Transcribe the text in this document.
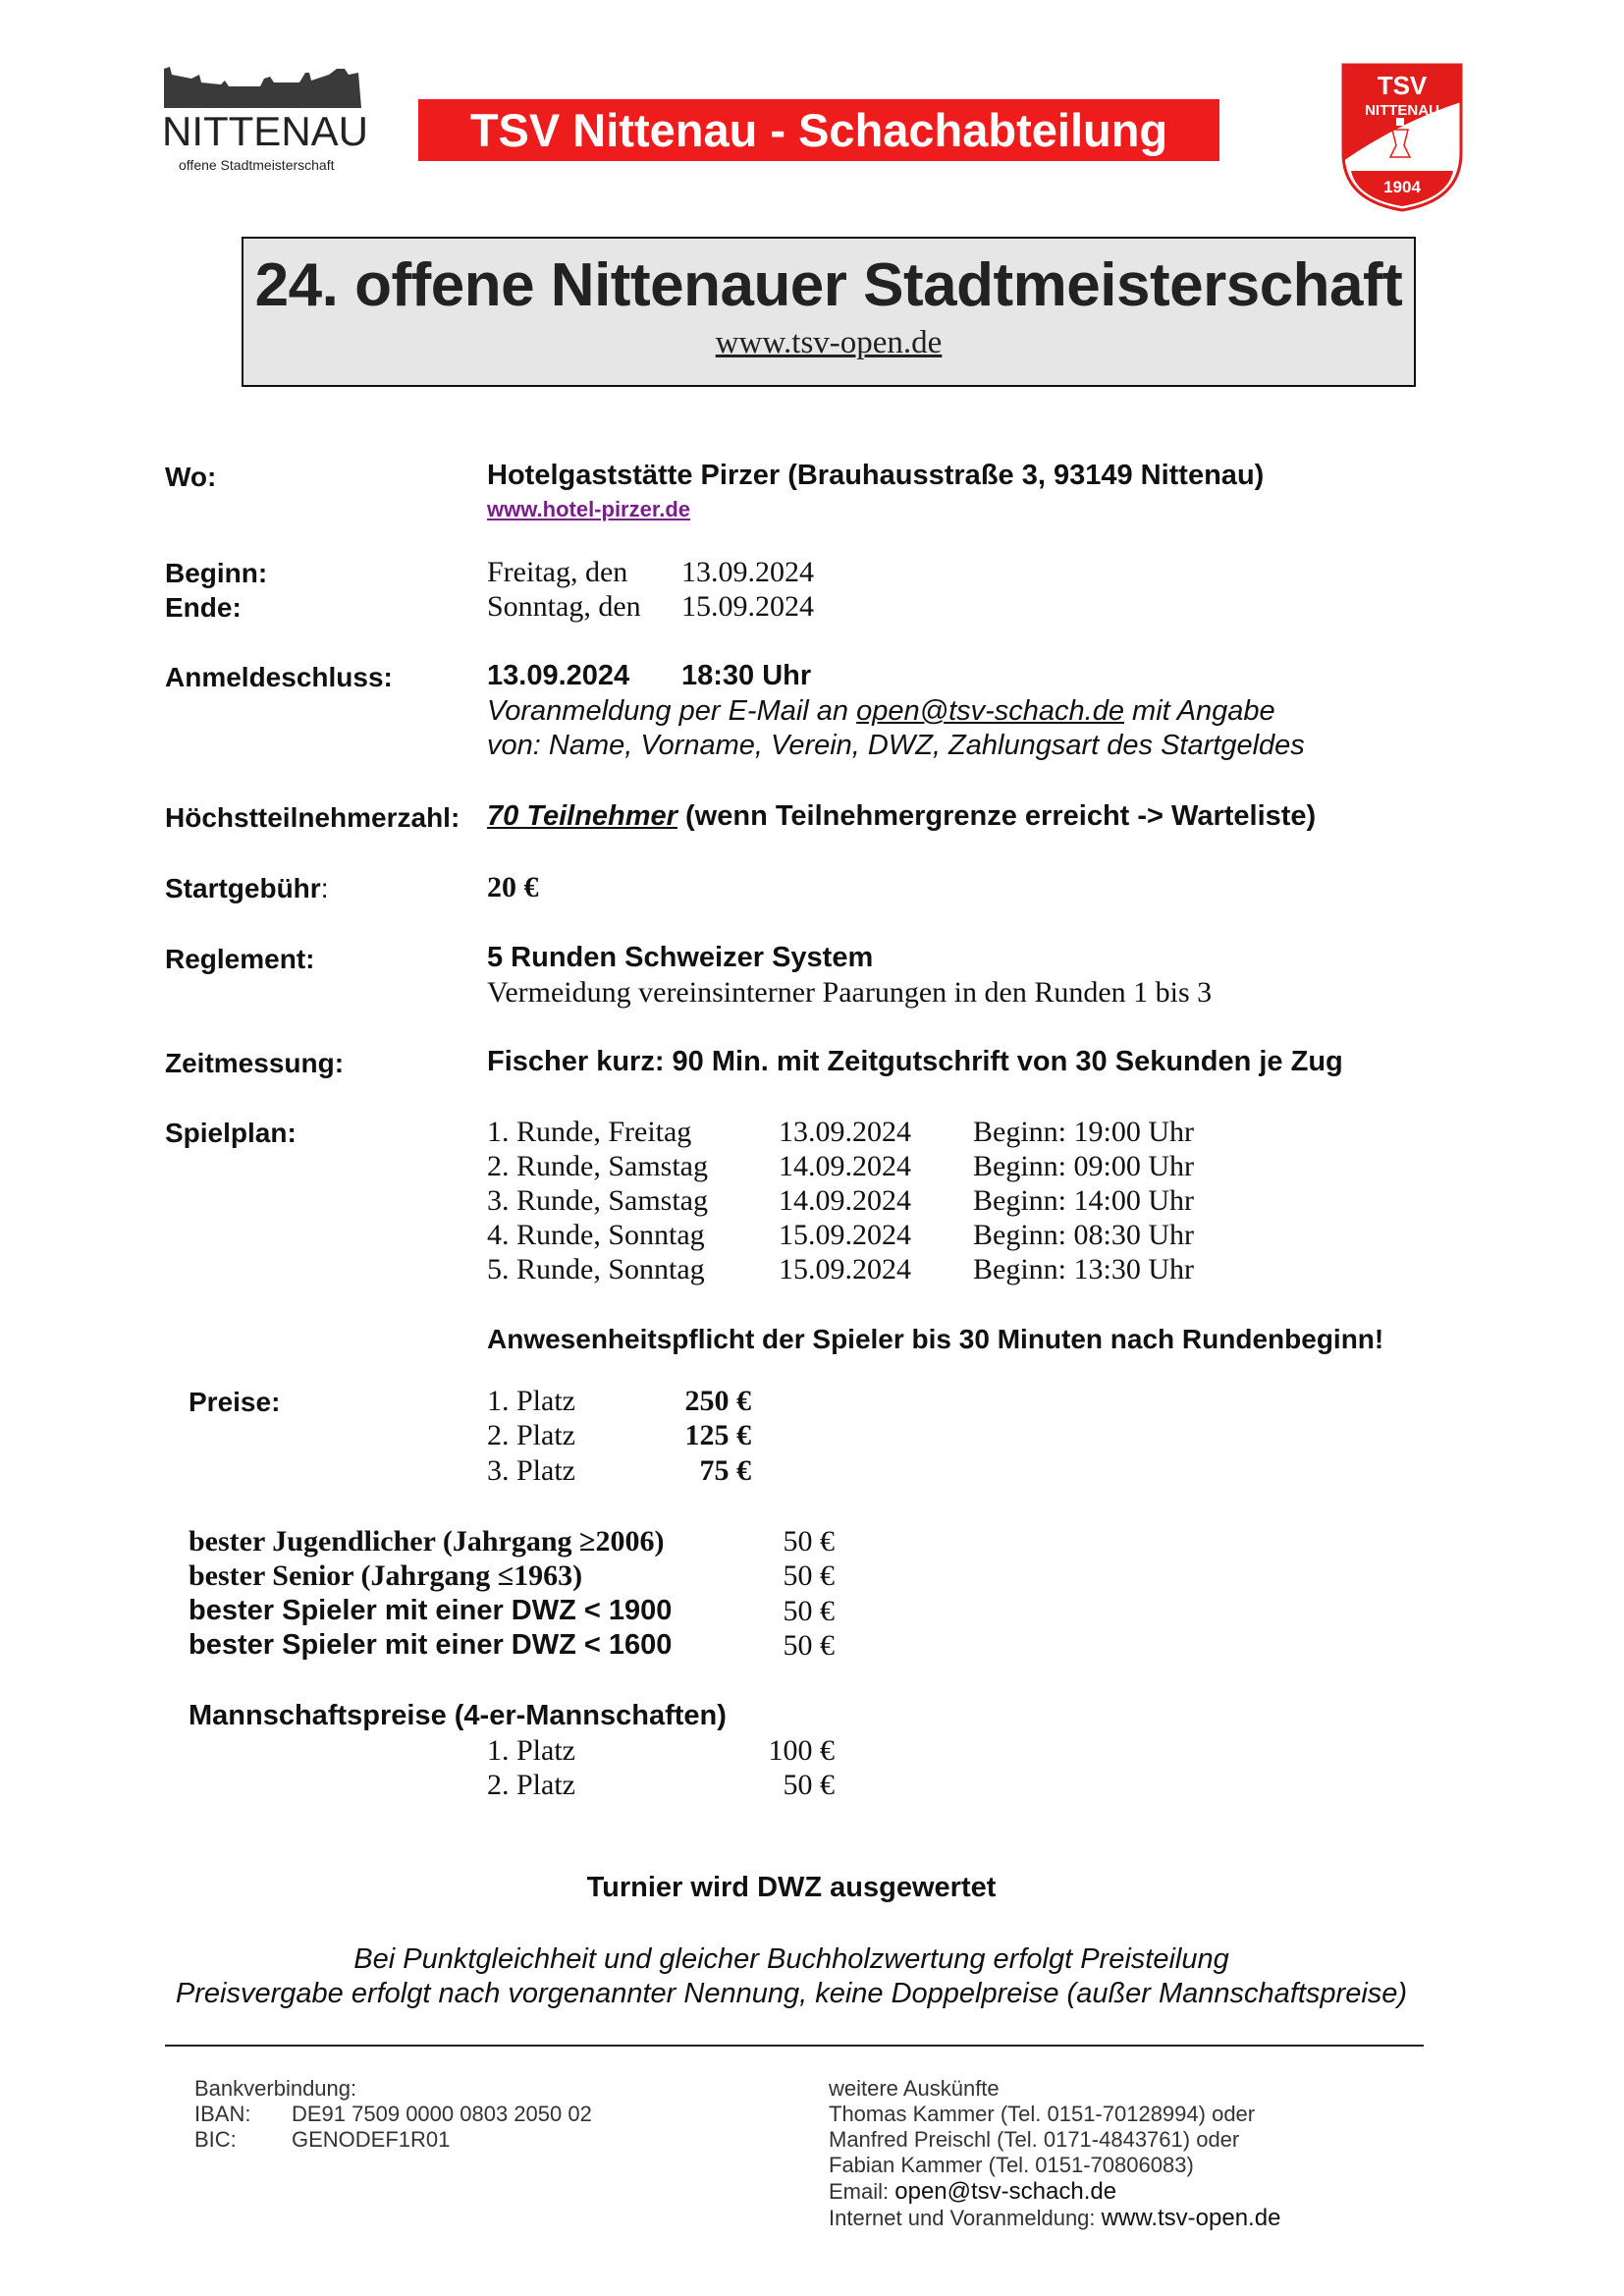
NITTENAU
offene Stadtmeisterschaft
TSV Nittenau - Schachabteilung
TSV
NITTENAU
1904
24. offene Nittenauer Stadtmeisterschaft
www.tsv-open.de
Wo:	Hotelgaststätte Pirzer (Brauhausstraße 3, 93149 Nittenau)
www.hotel-pirzer.de
Beginn:	Freitag, den 13.09.2024
Ende:	Sonntag, den 15.09.2024
Anmeldeschluss:	13.09.2024 18:30 Uhr
Voranmeldung per E-Mail an open@tsv-schach.de mit Angabe
von: Name, Vorname, Verein, DWZ, Zahlungsart des Startgeldes
Höchstteilnehmerzahl: 70 Teilnehmer (wenn Teilnehmergrenze erreicht -> Warteliste)
Startgebühr:	20 €
Reglement:	5 Runden Schweizer System
Vermeidung vereinsinterner Paarungen in den Runden 1 bis 3
Zeitmessung:	Fischer kurz: 90 Min. mit Zeitgutschrift von 30 Sekunden je Zug
Spielplan:	1. Runde, Freitag	13.09.2024 Beginn: 19:00 Uhr
2. Runde, Samstag 14.09.2024 Beginn: 09:00 Uhr
3. Runde, Samstag 14.09.2024 Beginn: 14:00 Uhr
4. Runde, Sonntag	15.09.2024 Beginn: 08:30 Uhr
5. Runde, Sonntag	15.09.2024 Beginn: 13:30 Uhr
Anwesenheitspflicht der Spieler bis 30 Minuten nach Rundenbeginn!
Preise:	1. Platz	250 €
2. Platz	125 €
3. Platz	75 €
bester Jugendlicher (Jahrgang ≥2006)	50 €
bester Senior (Jahrgang ≤1963)	50 €
bester Spieler mit einer DWZ < 1900	50 €
bester Spieler mit einer DWZ < 1600	50 €
Mannschaftspreise (4-er-Mannschaften)
1. Platz	100 €
2. Platz	50 €
Turnier wird DWZ ausgewertet
Bei Punktgleichheit und gleicher Buchholzwertung erfolgt Preisteilung
Preisvergabe erfolgt nach vorgenannter Nennung, keine Doppelpreise (außer Mannschaftspreise)
Bankverbindung:
IBAN: DE91 7509 0000 0803 2050 02
BIC:	GENODEF1R01
weitere Auskünfte
Thomas Kammer (Tel. 0151-70128994) oder
Manfred Preischl (Tel. 0171-4843761) oder
Fabian Kammer (Tel. 0151-70806083)
Email: open@tsv-schach.de
Internet und Voranmeldung: www.tsv-open.de
